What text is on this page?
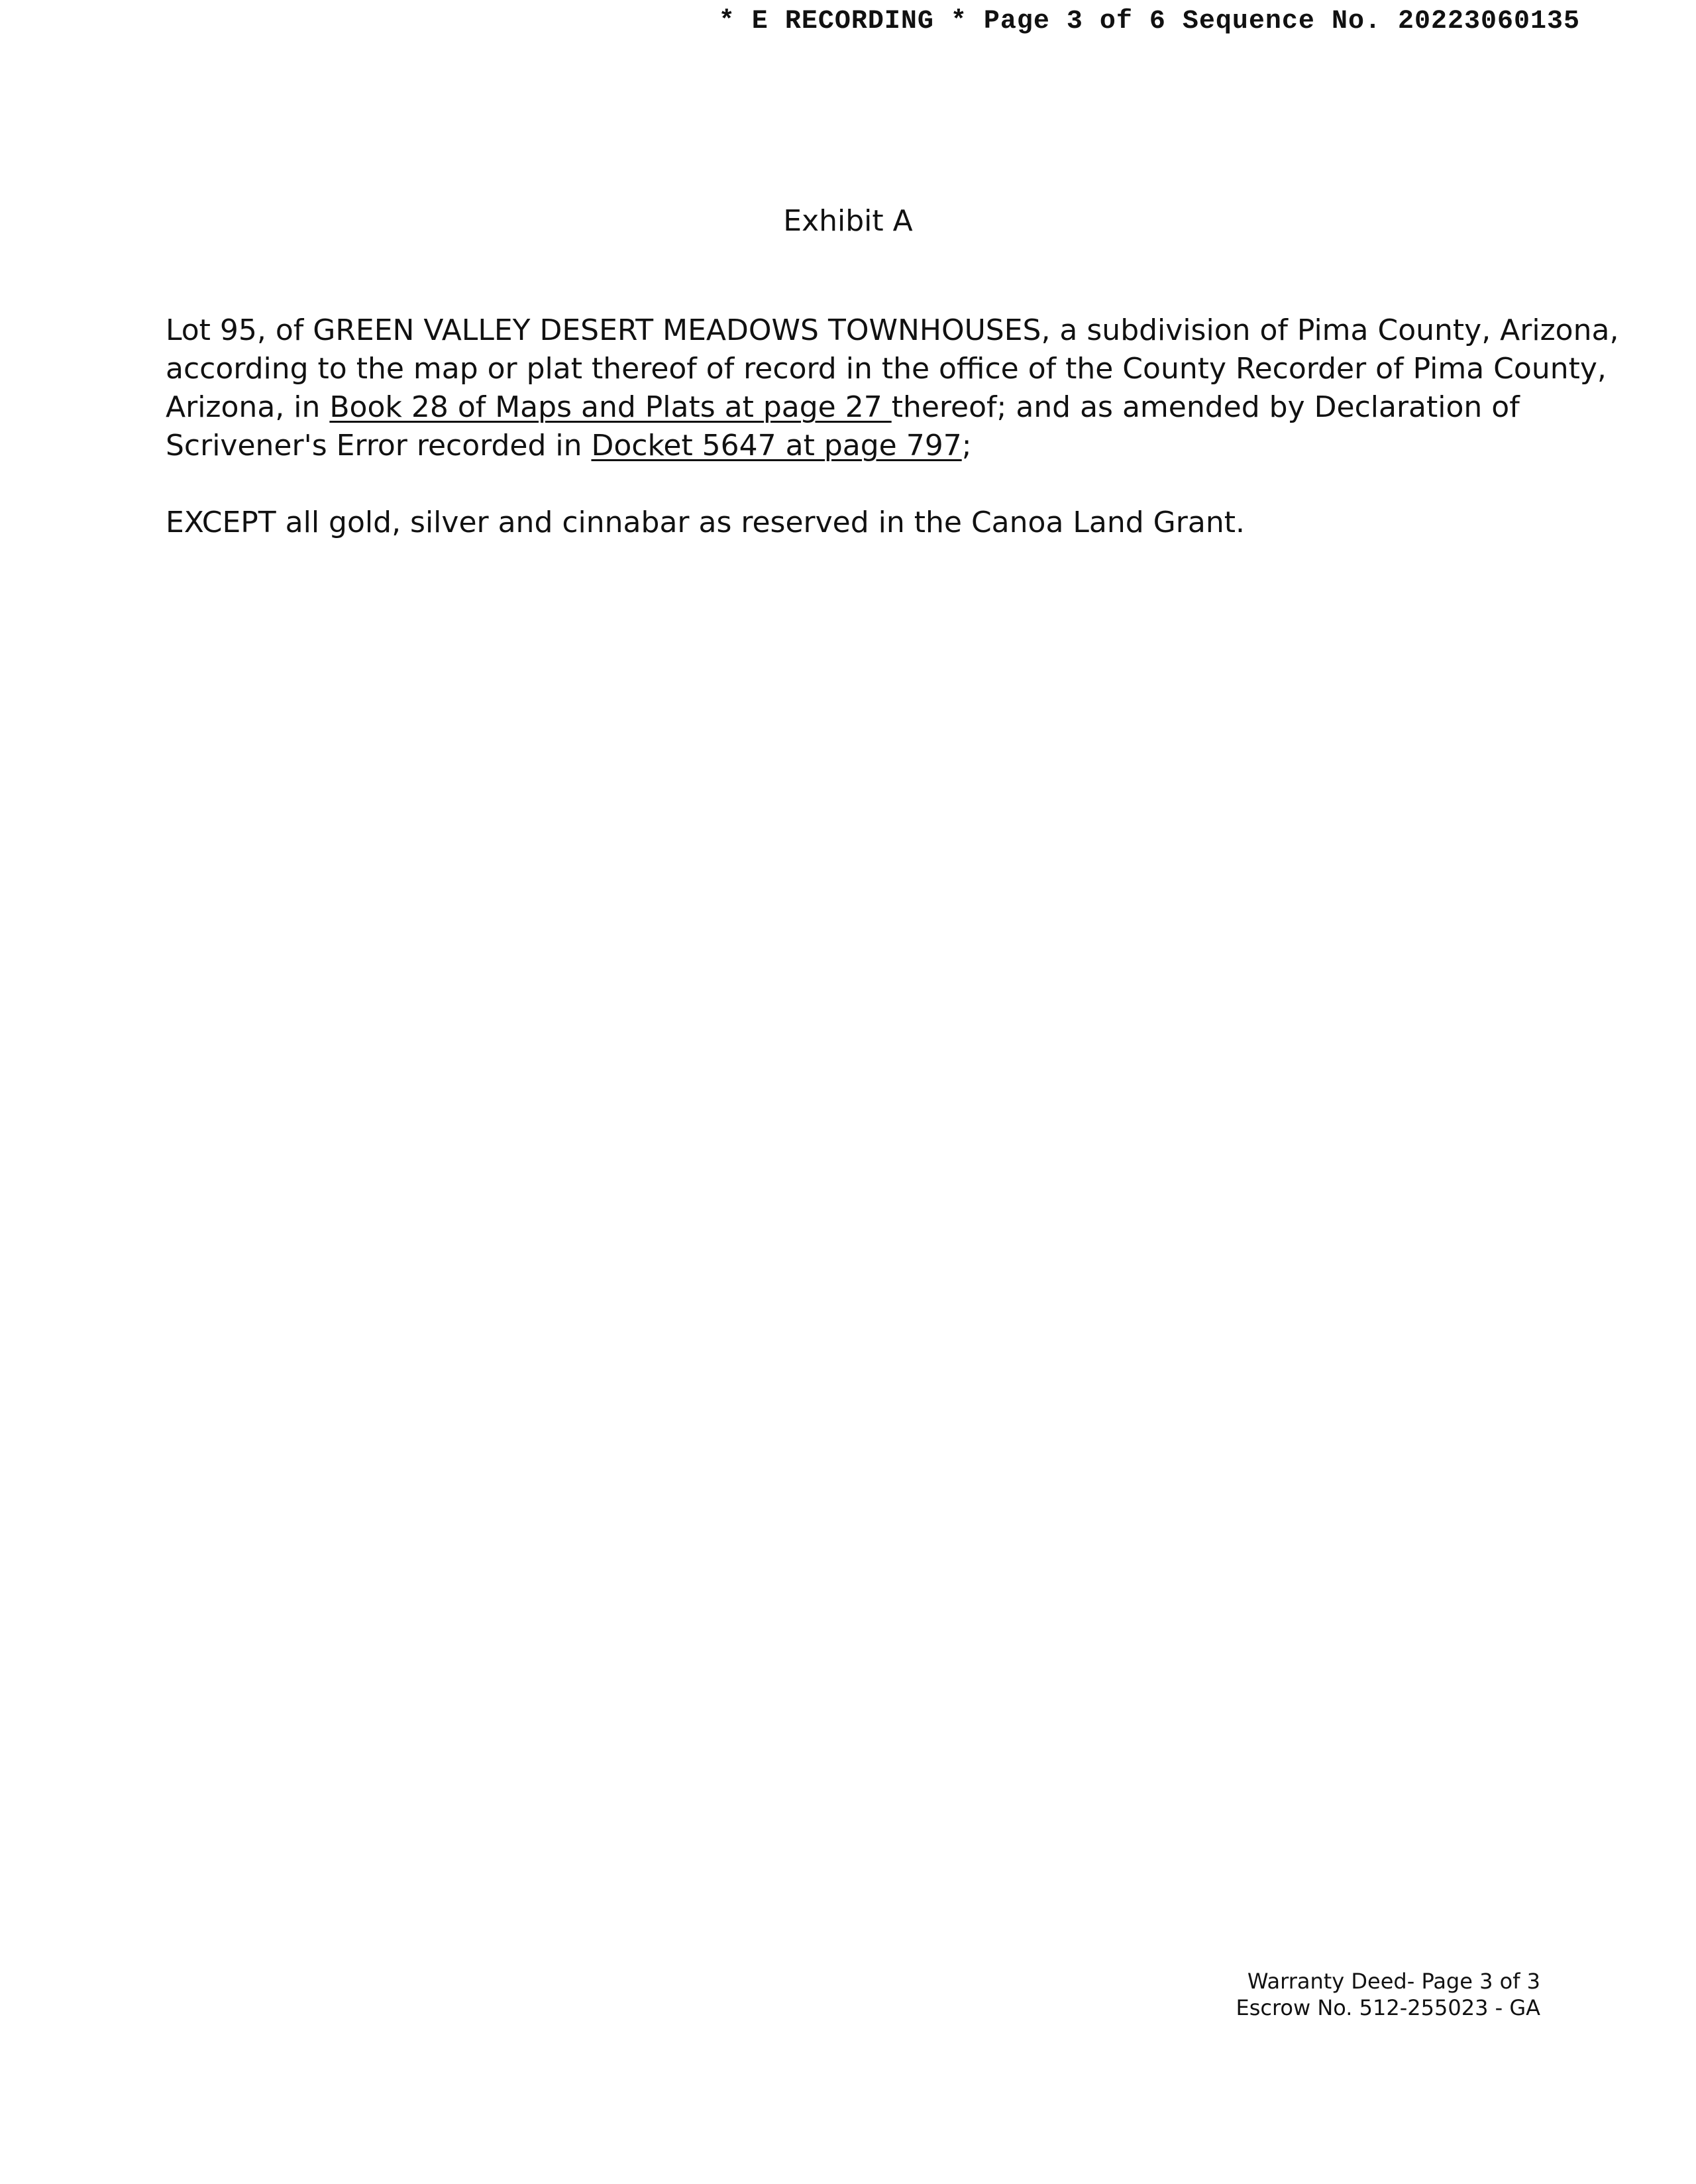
* E RECORDING * Page 3 of 6 Sequence No. 20223060135
Exhibit A

Lot 95, of GREEN VALLEY DESERT MEADOWS TOWNHOUSES, a subdivision of Pima County, Arizona,
according to the map or plat thereof of record in the office of the County Recorder of Pima County,
Arizona, in Book 28 of Maps and Plats at page 27 thereof; and as amended by Declaration of
Scrivener's Error recorded in Docket 5647 at page 797;

EXCEPT all gold, silver and cinnabar as reserved in the Canoa Land Grant.

Warranty Deed- Page 3 of 3
Escrow No. 512-255023 - GA
